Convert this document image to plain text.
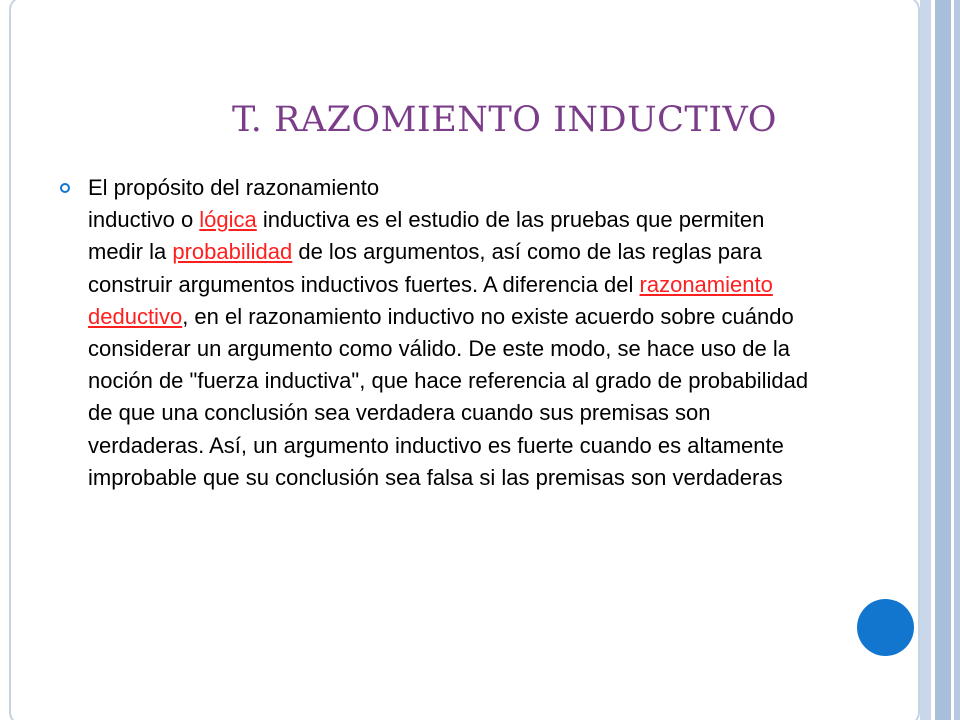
T. RAZOMIENTO INDUCTIVO

El propósito del razonamiento
inductivo o lógica inductiva es el estudio de las pruebas que permiten medir la probabilidad de los argumentos, así como de las reglas para construir argumentos inductivos fuertes. A diferencia del razonamiento deductivo, en el razonamiento inductivo no existe acuerdo sobre cuándo considerar un argumento como válido. De este modo, se hace uso de la noción de "fuerza inductiva", que hace referencia al grado de probabilidad de que una conclusión sea verdadera cuando sus premisas son verdaderas. Así, un argumento inductivo es fuerte cuando es altamente improbable que su conclusión sea falsa si las premisas son verdaderas
